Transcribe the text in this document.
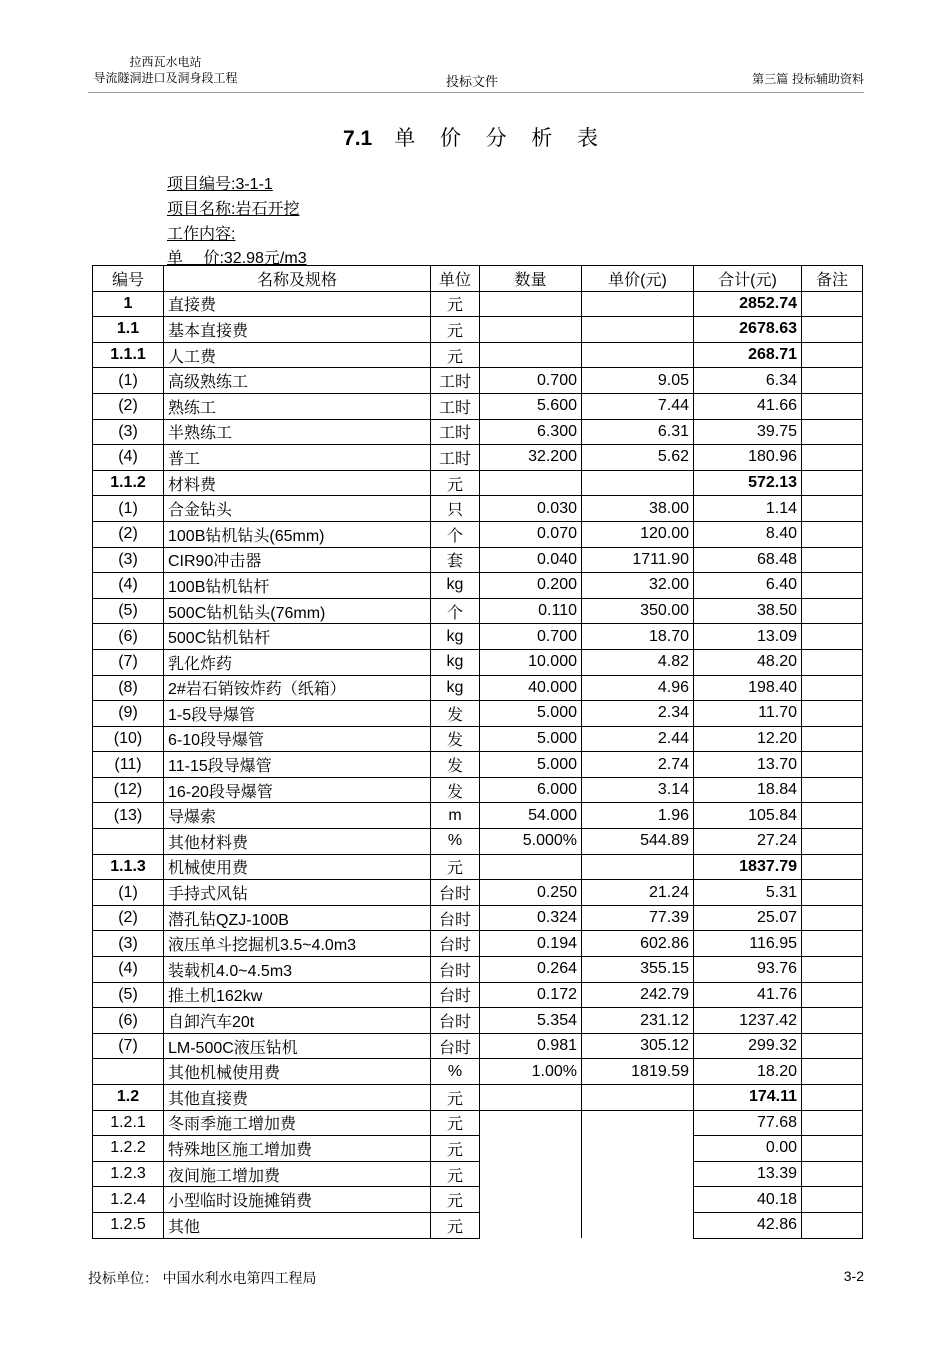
拉西瓦水电站
导流隧洞进口及洞身段工程	投标文件	第三篇 投标辅助资料
7.1 单 价 分 析 表
项目编号:3-1-1
项目名称:岩石开挖
工作内容:
单　 价:32.98元/m3
编号	名称及规格	单位	数量	单价(元)	合计(元)	备注
1	直接费	元			2852.74	
1.1	基本直接费	元			2678.63	
1.1.1	人工费	元			268.71	
(1)	高级熟练工	工时	0.700	9.05	6.34	
(2)	熟练工	工时	5.600	7.44	41.66	
(3)	半熟练工	工时	6.300	6.31	39.75	
(4)	普工	工时	32.200	5.62	180.96	
1.1.2	材料费	元			572.13	
(1)	合金钻头	只	0.030	38.00	1.14	
(2)	100B钻机钻头(65mm)	个	0.070	120.00	8.40	
(3)	CIR90冲击器	套	0.040	1711.90	68.48	
(4)	100B钻机钻杆	kg	0.200	32.00	6.40	
(5)	500C钻机钻头(76mm)	个	0.110	350.00	38.50	
(6)	500C钻机钻杆	kg	0.700	18.70	13.09	
(7)	乳化炸药	kg	10.000	4.82	48.20	
(8)	2#岩石销铵炸药（纸箱）	kg	40.000	4.96	198.40	
(9)	1-5段导爆管	发	5.000	2.34	11.70	
(10)	6-10段导爆管	发	5.000	2.44	12.20	
(11)	11-15段导爆管	发	5.000	2.74	13.70	
(12)	16-20段导爆管	发	6.000	3.14	18.84	
(13)	导爆索	m	54.000	1.96	105.84	
	其他材料费	%	5.000%	544.89	27.24	
1.1.3	机械使用费	元			1837.79	
(1)	手持式风钻	台时	0.250	21.24	5.31	
(2)	潜孔钻QZJ-100B	台时	0.324	77.39	25.07	
(3)	液压单斗挖掘机3.5~4.0m3	台时	0.194	602.86	116.95	
(4)	装载机4.0~4.5m3	台时	0.264	355.15	93.76	
(5)	推土机162kw	台时	0.172	242.79	41.76	
(6)	自卸汽车20t	台时	5.354	231.12	1237.42	
(7)	LM-500C液压钻机	台时	0.981	305.12	299.32	
	其他机械使用费	%	1.00%	1819.59	18.20	
1.2	其他直接费	元			174.11	
1.2.1	冬雨季施工增加费	元			77.68	
1.2.2	特殊地区施工增加费	元			0.00	
1.2.3	夜间施工增加费	元			13.39	
1.2.4	小型临时设施摊销费	元			40.18	
1.2.5	其他	元			42.86	
投标单位： 中国水利水电第四工程局	3-2
